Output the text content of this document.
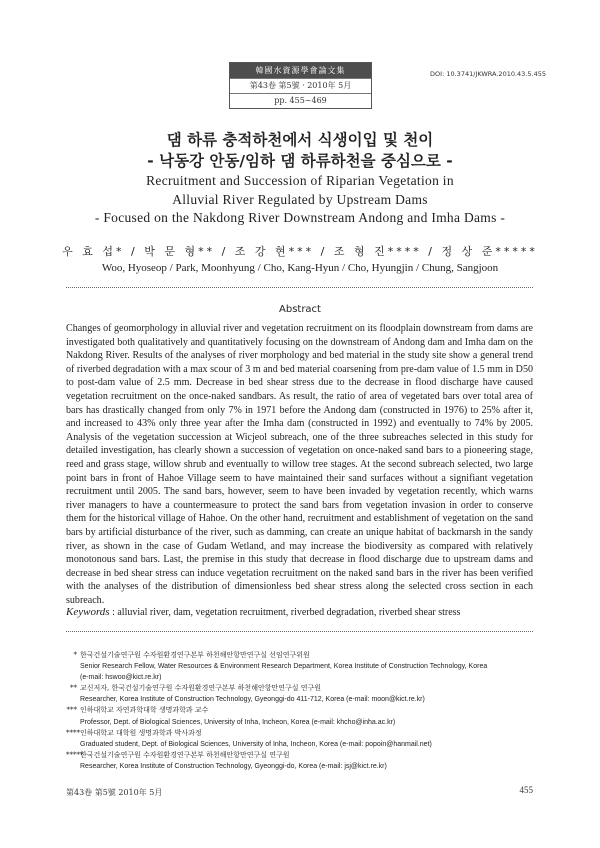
韓國水資源學會論文集
第43卷 第5號 · 2010年 5月
pp. 455∼469
DOI: 10.3741/JKWRA.2010.43.5.455
댐 하류 충적하천에서 식생이입 및 천이
- 낙동강 안동/임하 댐 하류하천을 중심으로 -
Recruitment and Succession of Riparian Vegetation in
Alluvial River Regulated by Upstream Dams
- Focused on the Nakdong River Downstream Andong and Imha Dams -
우 효 섭* / 박 문 형** / 조 강 현*** / 조 형 진**** / 정 상 준*****
Woo, Hyoseop / Park, Moonhyung / Cho, Kang-Hyun / Cho, Hyungjin / Chung, Sangjoon
Abstract
Changes of geomorphology in alluvial river and vegetation recruitment on its floodplain downstream from dams are investigated both qualitatively and quantitatively focusing on the downstream of Andong dam and Imha dam on the Nakdong River. Results of the analyses of river morphology and bed material in the study site show a general trend of riverbed degradation with a max scour of 3 m and bed material coarsening from pre-dam value of 1.5 mm in D50 to post-dam value of 2.5 mm. Decrease in bed shear stress due to the decrease in flood discharge have caused vegetation recruitment on the once-naked sandbars. As result, the ratio of area of vegetated bars over total area of bars has drastically changed from only 7% in 1971 before the Andong dam (constructed in 1976) to 25% after it, and increased to 43% only three year after the Imha dam (constructed in 1992) and eventually to 74% by 2005. Analysis of the vegetation succession at Wicjeol subreach, one of the three subreaches selected in this study for detailed investigation, has clearly shown a succession of vegetation on once-naked sand bars to a pioneering stage, reed and grass stage, willow shrub and eventually to willow tree stages. At the second subreach selected, two large point bars in front of Hahoe Village seem to have maintained their sand surfaces without a signifiant vegetation recruitment until 2005. The sand bars, however, seem to have been invaded by vegetation recently, which warns river managers to have a countermeasure to protect the sand bars from vegetation invasion in order to conserve them for the historical village of Hahoe. On the other hand, recruitment and establishment of vegetation on the sand bars by artificial disturbance of the river, such as damming, can create an unique habitat of backmarsh in the sandy river, as shown in the case of Gudam Wetland, and may increase the biodiversity as compared with relatively monotonous sand bars. Last, the premise in this study that decrease in flood discharge due to upstream dams and decrease in bed shear stress can induce vegetation recruitment on the naked sand bars in the river has been verified with the analyses of the distribution of dimensionless bed shear stress along the selected cross section in each subreach.
Keywords : alluvial river, dam, vegetation recruitment, riverbed degradation, riverbed shear stress
* 한국건설기술연구원 수자원환경연구본부 하천해안항만연구실 선임연구위원
Senior Research Fellow, Water Resources & Environment Research Department, Korea Institute of Construction Technology, Korea
(e-mail: hswoo@kict.re.kr)
** 교신저자, 한국건설기술연구원 수자원환경연구본부 하천해안항만연구실 연구원
Researcher, Korea Institute of Construction Technology, Gyeonggi-do 411-712, Korea (e-mail: moon@kict.re.kr)
*** 인하대학교 자연과학대학 생명과학과 교수
Professor, Dept. of Biological Sciences, University of Inha, Incheon, Korea (e-mail: khcho@inha.ac.kr)
****인하대학교 대학원 생명과학과 박사과정
Graduated student, Dept. of Biological Sciences, University of Inha, Incheon, Korea (e-mail: popoin@hanmail.net)
*****한국건설기술연구원 수자원환경연구본부 하천해안항만연구실 연구원
Researcher, Korea Institute of Construction Technology, Gyeonggi-do, Korea (e-mail: jsj@kict.re.kr)
第43卷 第5號 2010年 5月	455
